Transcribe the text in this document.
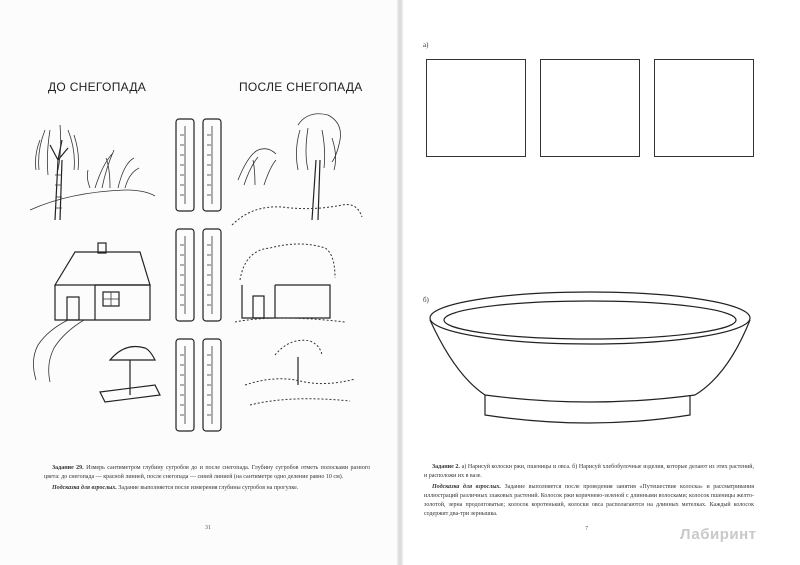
ДО СНЕГОПАДА	ПОСЛЕ СНЕГОПАДА
Задание 29. Измерь сантиметром глубину сугробов до и после снегопада. Глубину сугробов отметь полосками разного цвета: до снегопада — красной линией, после снегопада — синей линией (на сантиметре одно деление равно 10 см).
Подсказка для взрослых. Задание выполняется после измерения глубины сугробов на прогулке.
31
а)
б)
Задание 2. а) Нарисуй колоски ржи, пшеницы и овса. б) Нарисуй хлебобулочные изделия, которые делают из этих растений, и расположи их в вазе.
Подсказка для взрослых. Задание выполняется после проведения занятия «Путешествие колоска» и рассматривания иллюстраций различных злаковых растений. Колосок ржи коричнево-зеленой с длинными волосками; колосок пшеницы желто-золотой, зерна продолговатые; колосок коротенький, колоски овса располагаются на длинных метелках. Каждый колосок содержит два-три зернышка.
7	Лабиринт
